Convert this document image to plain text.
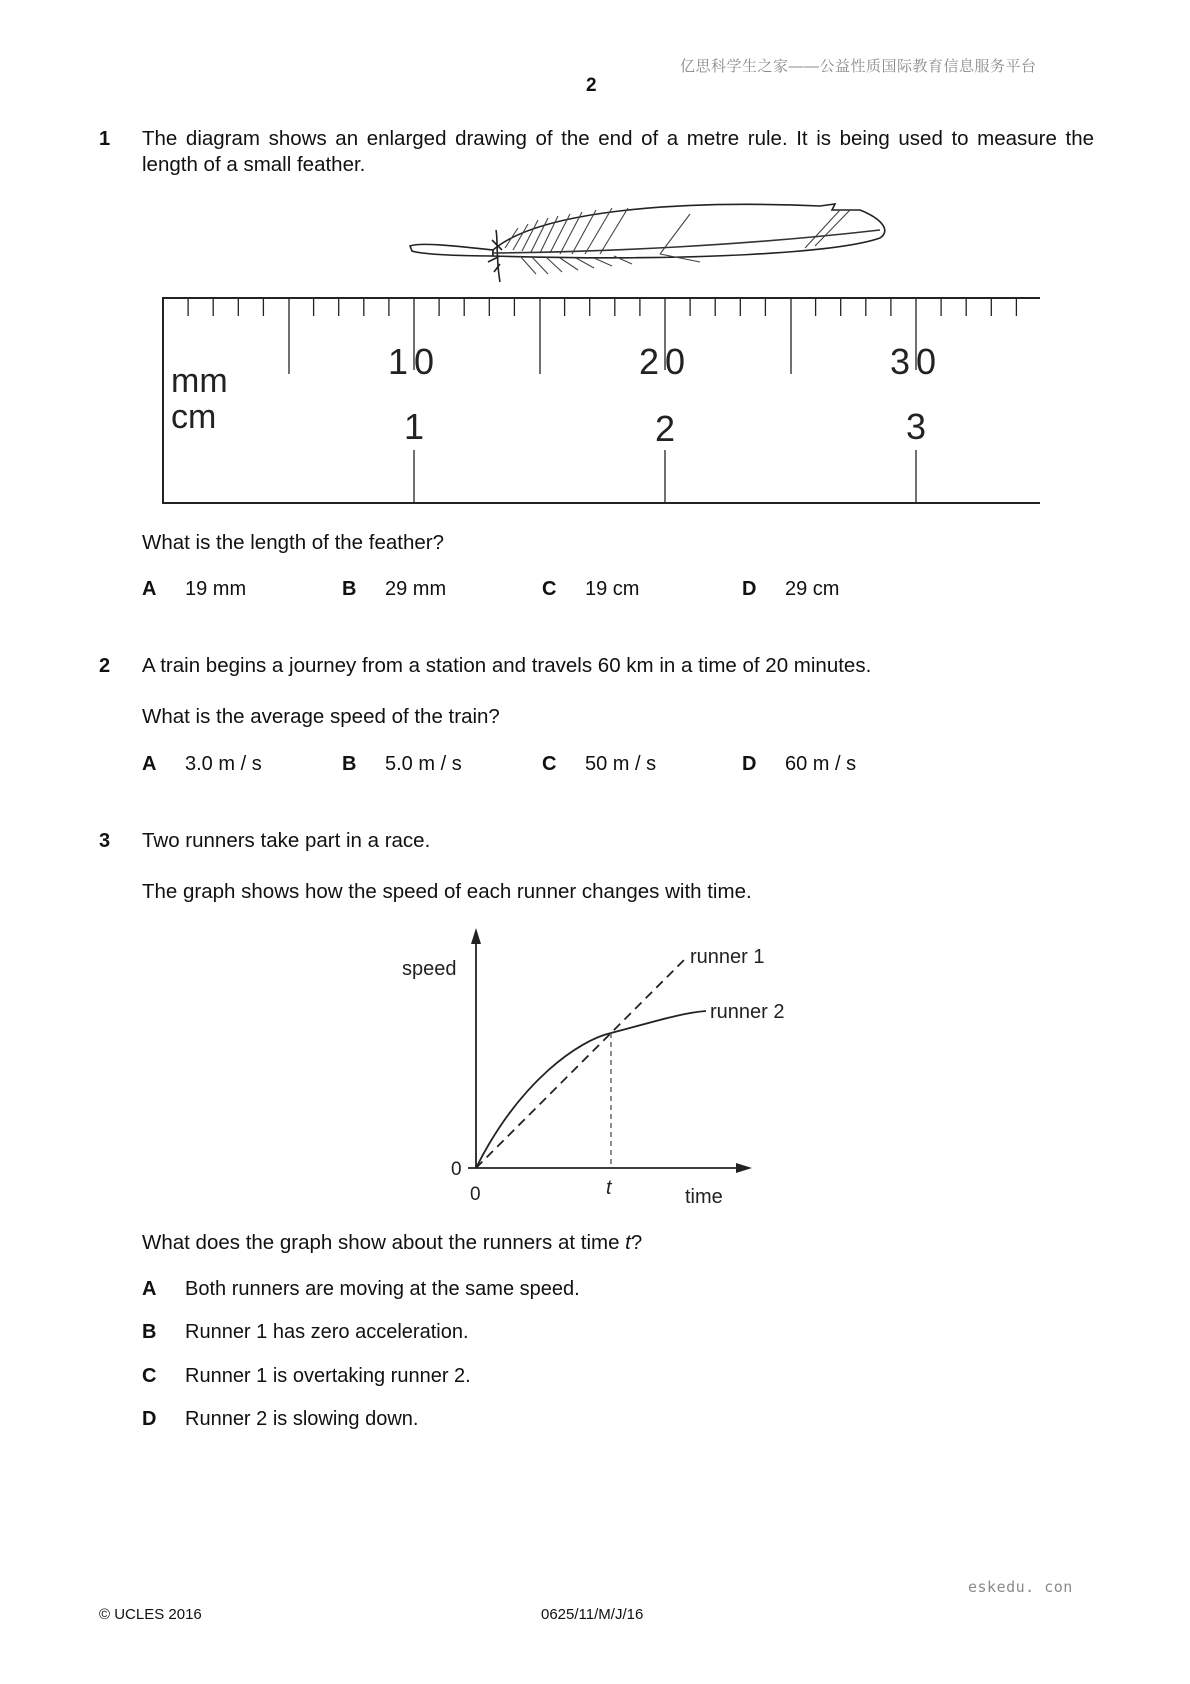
亿思科学生之家——公益性质国际教育信息服务平台
2
1 The diagram shows an enlarged drawing of the end of a metre rule. It is being used to measure the length of a small feather.
mm
cm
10	20	30
1	2	3
What is the length of the feather?
A 19 mm	B 29 mm	C 19 cm	D 29 cm
2 A train begins a journey from a station and travels 60 km in a time of 20 minutes.
What is the average speed of the train?
A 3.0 m / s	B 5.0 m / s	C 50 m / s	D 60 m / s
3 Two runners take part in a race.
The graph shows how the speed of each runner changes with time.
speed
time
0
0	t
runner 1
runner 2
What does the graph show about the runners at time t?
A Both runners are moving at the same speed.
B Runner 1 has zero acceleration.
C Runner 1 is overtaking runner 2.
D Runner 2 is slowing down.
eskedu. con
© UCLES 2016	0625/11/M/J/16
